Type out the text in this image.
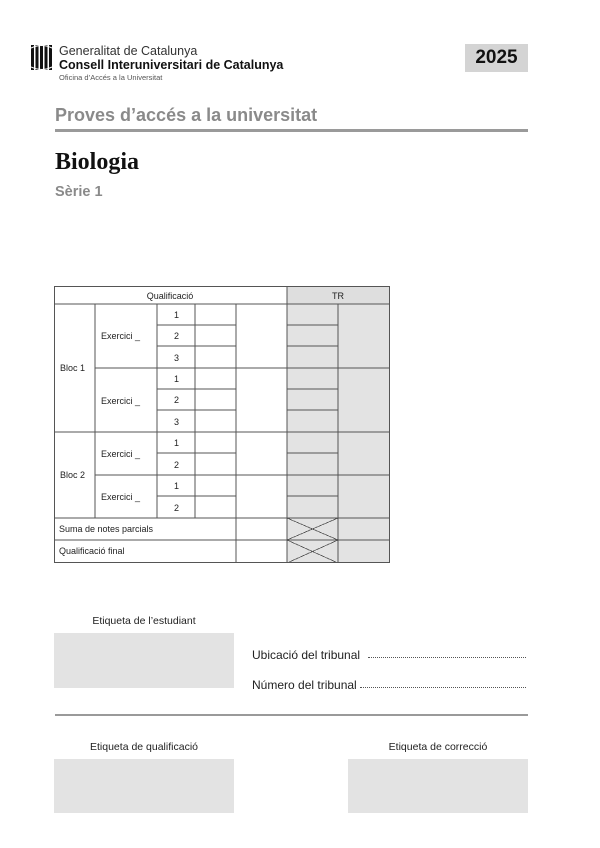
Generalitat de Catalunya
Consell Interuniversitari de Catalunya
Oficina d’Accés a la Universitat
2025
Proves d’accés a la universitat
Biologia
Sèrie 1
Qualificació	TR
Bloc 1
Exercici _
1
2
3
Exercici _
1
2
3
Bloc 2
Exercici _
1
2
Exercici _
1
2
Suma de notes parcials
Qualificació final
Etiqueta de l’estudiant
Ubicació del tribunal
Número del tribunal
Etiqueta de qualificació	Etiqueta de correcció
